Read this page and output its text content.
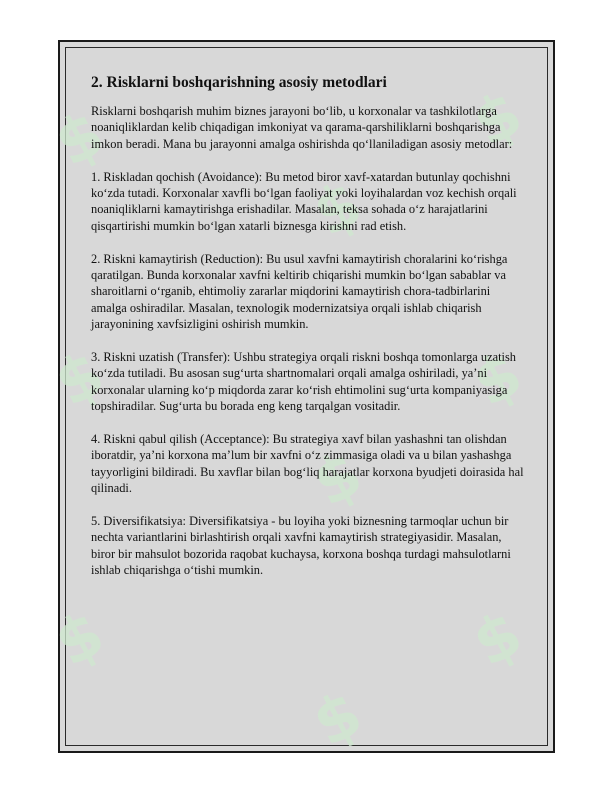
$
$
$
$
$
$
$
$
$
2. Risklarni boshqarishning asosiy metodlari

Risklarni boshqarish muhim biznes jarayoni bo‘lib, u korxonalar va tashkilotlarga noaniqliklardan kelib chiqadigan imkoniyat va qarama-qarshiliklarni boshqarishga imkon beradi. Mana bu jarayonni amalga oshirishda qo‘llaniladigan asosiy metodlar:

1. Riskladan qochish (Avoidance): Bu metod biror xavf-xatardan butunlay qochishni ko‘zda tutadi. Korxonalar xavfli bo‘lgan faoliyat yoki loyihalardan voz kechish orqali noaniqliklarni kamaytirishga erishadilar. Masalan, teksa sohada o‘z harajatlarini qisqartirishi mumkin bo‘lgan xatarli biznesga kirishni rad etish.

2. Riskni kamaytirish (Reduction): Bu usul xavfni kamaytirish choralarini ko‘rishga qaratilgan. Bunda korxonalar xavfni keltirib chiqarishi mumkin bo‘lgan sabablar va sharoitlarni o‘rganib, ehtimoliy zararlar miqdorini kamaytirish chora-tadbirlarini amalga oshiradilar. Masalan, texnologik modernizatsiya orqali ishlab chiqarish jarayonining xavfsizligini oshirish mumkin.

3. Riskni uzatish (Transfer): Ushbu strategiya orqali riskni boshqa tomonlarga uzatish ko‘zda tutiladi. Bu asosan sug‘urta shartnomalari orqali amalga oshiriladi, ya’ni korxonalar ularning ko‘p miqdorda zarar ko‘rish ehtimolini sug‘urta kompaniyasiga topshiradilar. Sug‘urta bu borada eng keng tarqalgan vositadir.

4. Riskni qabul qilish (Acceptance): Bu strategiya xavf bilan yashashni tan olishdan iboratdir, ya’ni korxona ma’lum bir xavfni o‘z zimmasiga oladi va u bilan yashashga tayyorligini bildiradi. Bu xavflar bilan bog‘liq harajatlar korxona byudjeti doirasida hal qilinadi.

5. Diversifikatsiya: Diversifikatsiya - bu loyiha yoki biznesning tarmoqlar uchun bir nechta variantlarini birlashtirish orqali xavfni kamaytirish strategiyasidir. Masalan, biror bir mahsulot bozorida raqobat kuchaysa, korxona boshqa turdagi mahsulotlarni ishlab chiqarishga o‘tishi mumkin.
